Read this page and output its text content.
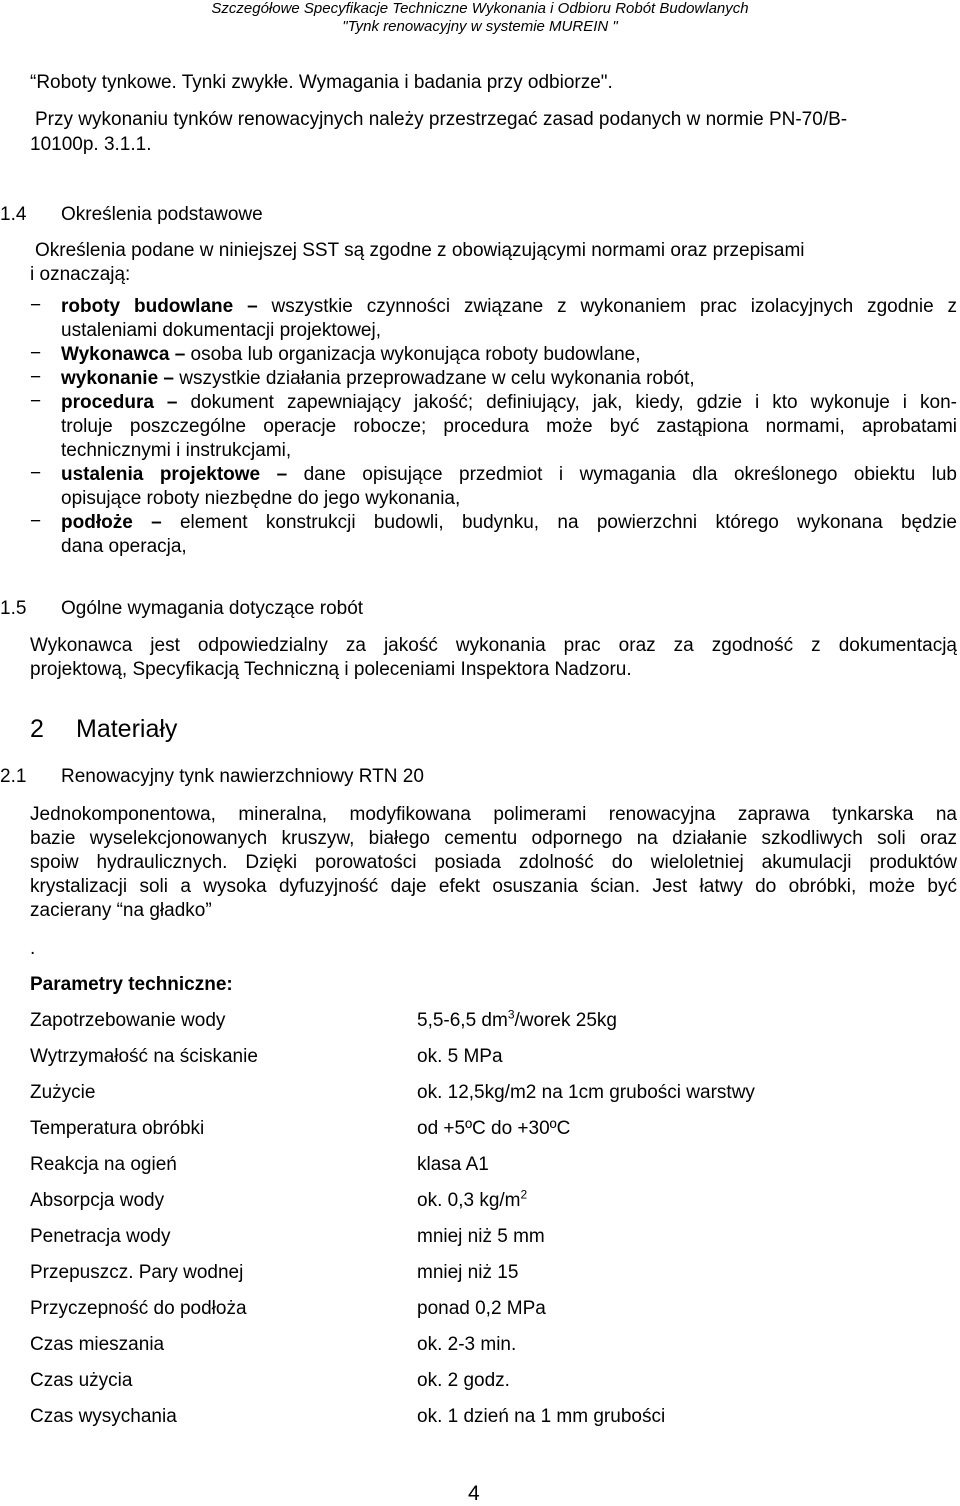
Szczegółowe Specyfikacje Techniczne Wykonania i Odbioru Robót Budowlanych
"Tynk renowacyjny w systemie MUREIN "
“Roboty tynkowe. Tynki zwykłe. Wymagania i badania przy odbiorze".
Przy wykonaniu tynków renowacyjnych należy przestrzegać zasad podanych w normie PN-70/B-
10100p. 3.1.1.
1.4 Określenia podstawowe
Określenia podane w niniejszej SST są zgodne z obowiązującymi normami oraz przepisami
i oznaczają:
− roboty budowlane – wszystkie czynności związane z wykonaniem prac izolacyjnych zgodnie z
ustaleniami dokumentacji projektowej,
− Wykonawca – osoba lub organizacja wykonująca roboty budowlane,
− wykonanie – wszystkie działania przeprowadzane w celu wykonania robót,
− procedura – dokument zapewniający jakość; definiujący, jak, kiedy, gdzie i kto wykonuje i kon-
troluje poszczególne operacje robocze; procedura może być zastąpiona normami, aprobatami
technicznymi i instrukcjami,
− ustalenia projektowe – dane opisujące przedmiot i wymagania dla określonego obiektu lub
opisujące roboty niezbędne do jego wykonania,
− podłoże – element konstrukcji budowli, budynku, na powierzchni którego wykonana będzie
dana operacja,
1.5 Ogólne wymagania dotyczące robót
Wykonawca jest odpowiedzialny za jakość wykonania prac oraz za zgodność z dokumentacją
projektową, Specyfikacją Techniczną i poleceniami Inspektora Nadzoru.
2 Materiały
2.1 Renowacyjny tynk nawierzchniowy RTN 20
Jednokomponentowa, mineralna, modyfikowana polimerami renowacyjna zaprawa tynkarska na
bazie wyselekcjonowanych kruszyw, białego cementu odpornego na działanie szkodliwych soli oraz
spoiw hydraulicznych. Dzięki porowatości posiada zdolność do wieloletniej akumulacji produktów
krystalizacji soli a wysoka dyfuzyjność daje efekt osuszania ścian. Jest łatwy do obróbki, może być
zacierany “na gładko”
.
Parametry techniczne:
Zapotrzebowanie wody	5,5-6,5 $dm^3$/worek 25kg
Wytrzymałość na ściskanie	ok. 5 MPa
Zużycie	ok. 12,5kg/m2 na 1cm grubości warstwy
Temperatura obróbki	od +5ºC do +30ºC
Reakcja na ogień	klasa A1
Absorpcja wody	ok. 0,3 $kg/m^2$
Penetracja wody	mniej niż 5 mm
Przepuszcz. Pary wodnej	mniej niż 15
Przyczepność do podłoża	ponad 0,2 MPa
Czas mieszania	ok. 2-3 min.
Czas użycia	ok. 2 godz.
Czas wysychania	ok. 1 dzień na 1 mm grubości
4
